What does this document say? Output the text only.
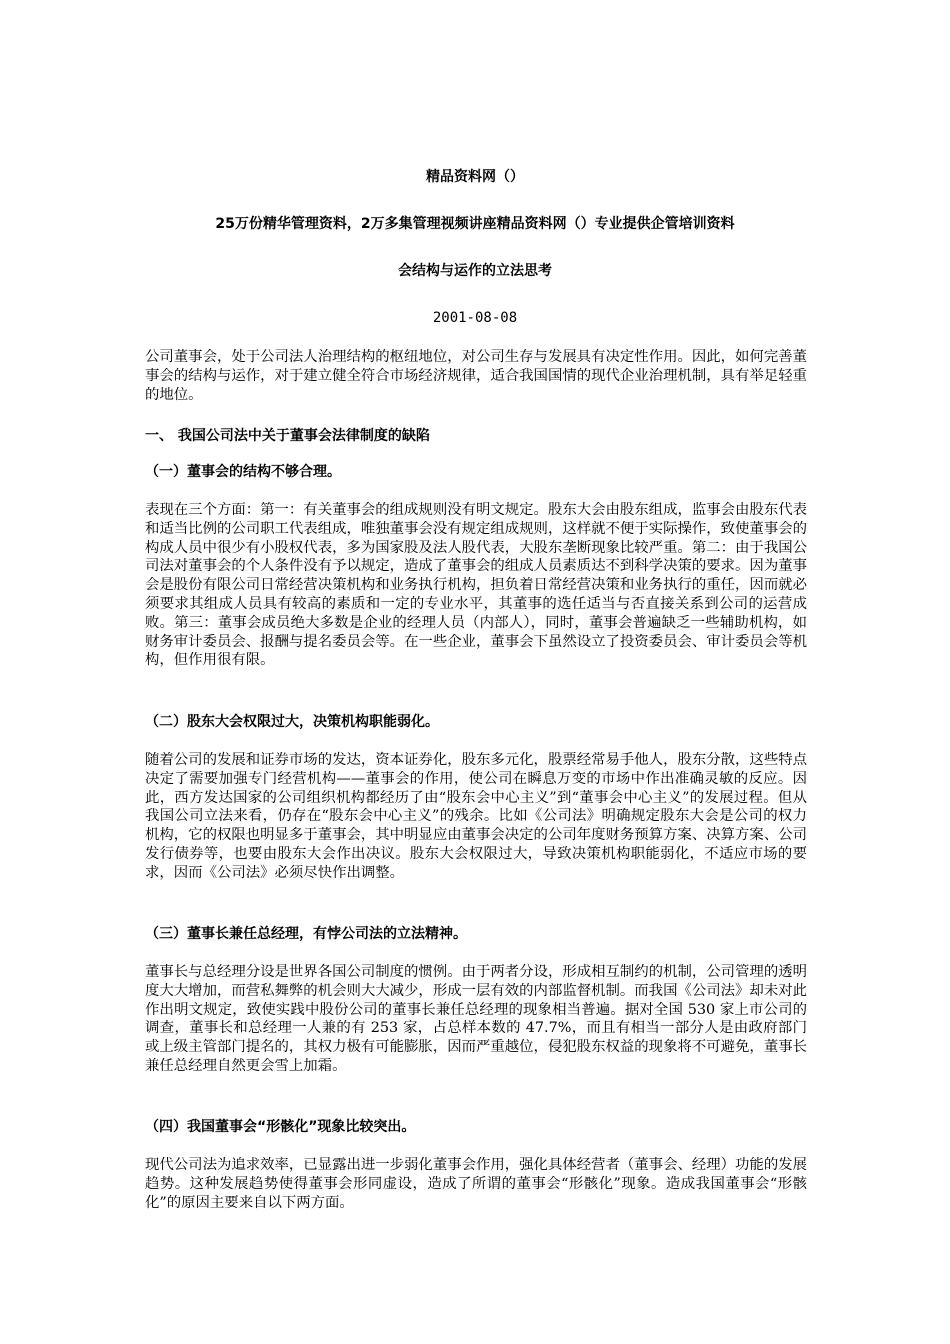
精品资料网（）
25万份精华管理资料，2万多集管理视频讲座精品资料网（）专业提供企管培训资料
会结构与运作的立法思考
2001-08-08
公司董事会，处于公司法人治理结构的枢纽地位，对公司生存与发展具有决定性作用。因此，如何完善董事会的结构与运作，对于建立健全符合市场经济规律，适合我国国情的现代企业治理机制，具有举足轻重的地位。
一、 我国公司法中关于董事会法律制度的缺陷
（一）董事会的结构不够合理。
表现在三个方面：第一：有关董事会的组成规则没有明文规定。股东大会由股东组成，监事会由股东代表和适当比例的公司职工代表组成，唯独董事会没有规定组成规则，这样就不便于实际操作，致使董事会的构成人员中很少有小股权代表，多为国家股及法人股代表，大股东垄断现象比较严重。第二：由于我国公司法对董事会的个人条件没有予以规定，造成了董事会的组成人员素质达不到科学决策的要求。因为董事会是股份有限公司日常经营决策机构和业务执行机构，担负着日常经营决策和业务执行的重任，因而就必须要求其组成人员具有较高的素质和一定的专业水平，其董事的选任适当与否直接关系到公司的运营成败。第三：董事会成员绝大多数是企业的经理人员（内部人），同时，董事会普遍缺乏一些辅助机构，如财务审计委员会、报酬与提名委员会等。在一些企业，董事会下虽然设立了投资委员会、审计委员会等机构，但作用很有限。
（二）股东大会权限过大，决策机构职能弱化。
随着公司的发展和证券市场的发达，资本证券化，股东多元化，股票经常易手他人，股东分散，这些特点决定了需要加强专门经营机构——董事会的作用，使公司在瞬息万变的市场中作出准确灵敏的反应。因此，西方发达国家的公司组织机构都经历了由“股东会中心主义”到“董事会中心主义”的发展过程。但从我国公司立法来看，仍存在“股东会中心主义”的残余。比如《公司法》明确规定股东大会是公司的权力机构，它的权限也明显多于董事会，其中明显应由董事会决定的公司年度财务预算方案、决算方案、公司发行债券等，也要由股东大会作出决议。股东大会权限过大，导致决策机构职能弱化，不适应市场的要求，因而《公司法》必须尽快作出调整。
（三）董事长兼任总经理，有悖公司法的立法精神。
董事长与总经理分设是世界各国公司制度的惯例。由于两者分设，形成相互制约的机制，公司管理的透明度大大增加，而营私舞弊的机会则大大减少，形成一层有效的内部监督机制。而我国《公司法》却未对此作出明文规定，致使实践中股份公司的董事长兼任总经理的现象相当普遍。据对全国 530 家上市公司的调查，董事长和总经理一人兼的有 253 家，占总样本数的 47.7%，而且有相当一部分人是由政府部门或上级主管部门提名的，其权力极有可能膨胀，因而严重越位，侵犯股东权益的现象将不可避免，董事长兼任总经理自然更会雪上加霜。
（四）我国董事会“形骸化”现象比较突出。
现代公司法为追求效率，已显露出进一步弱化董事会作用，强化具体经营者（董事会、经理）功能的发展趋势。这种发展趋势使得董事会形同虚设，造成了所谓的董事会“形骸化”现象。造成我国董事会“形骸化”的原因主要来自以下两方面。
